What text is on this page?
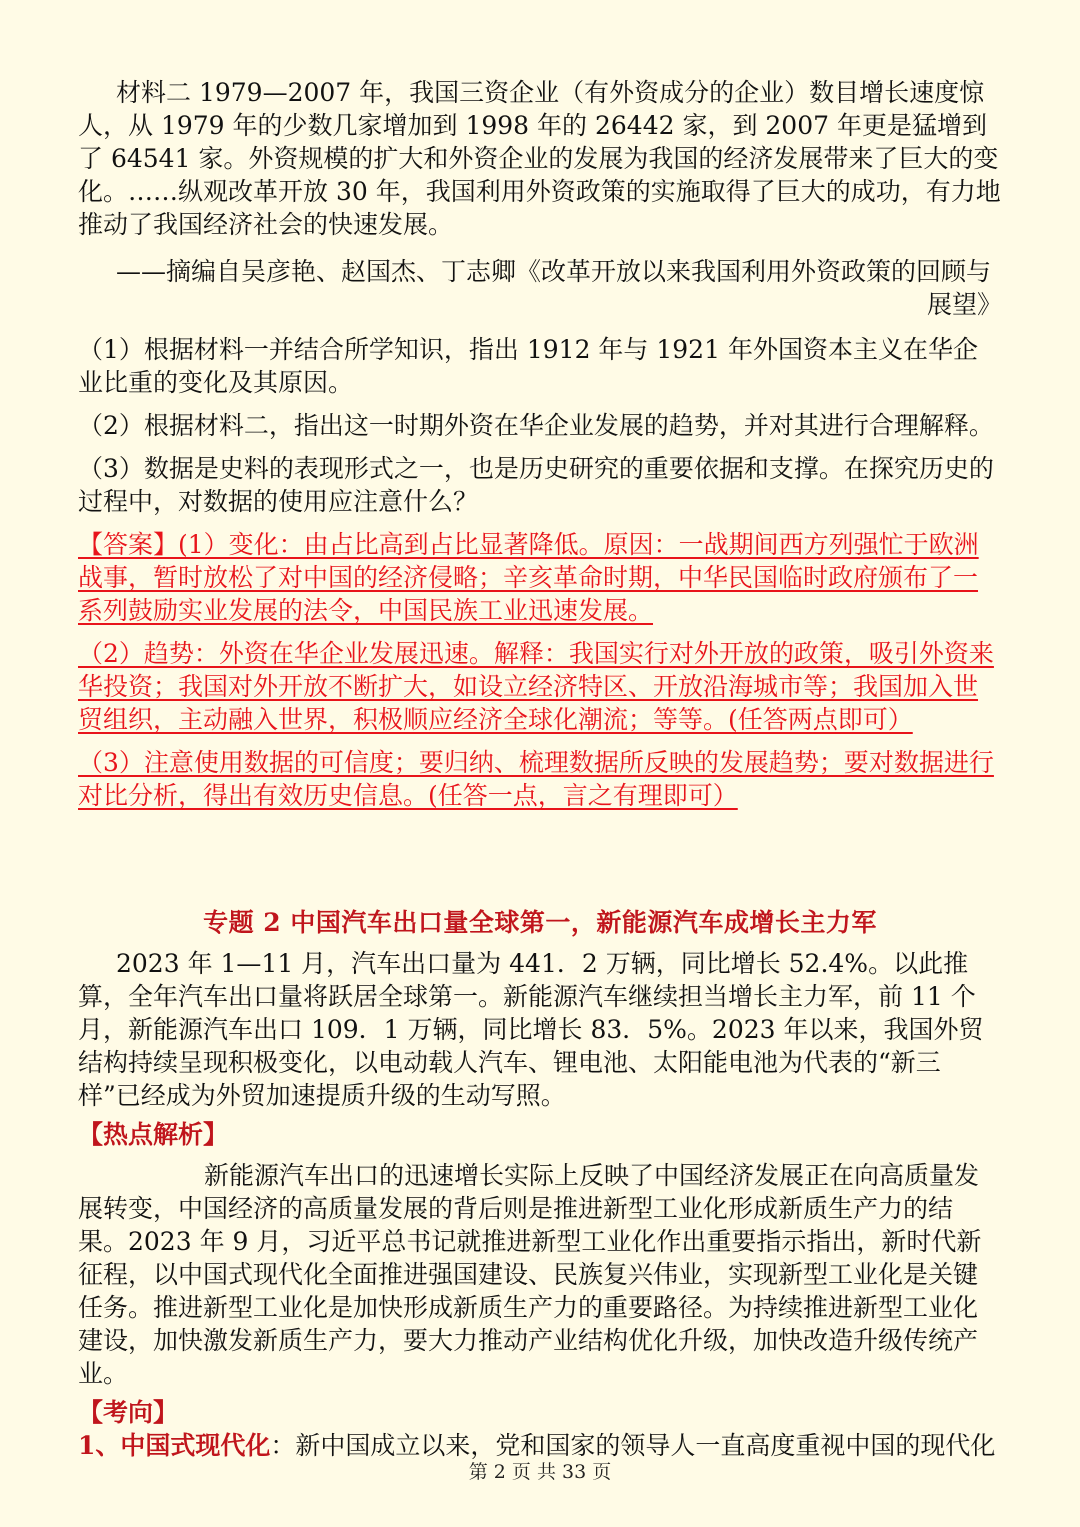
材料二 1979—2007 年，我国三资企业（有外资成分的企业）数目增长速度惊人，从 1979 年的少数几家增加到 1998 年的 26442 家，到 2007 年更是猛增到了 64541 家。外资规模的扩大和外资企业的发展为我国的经济发展带来了巨大的变化。……纵观改革开放 30 年，我国利用外资政策的实施取得了巨大的成功，有力地推动了我国经济社会的快速发展。

——摘编自吴彦艳、赵国杰、丁志卿《改革开放以来我国利用外资政策的回顾与

展望》

（1）根据材料一并结合所学知识，指出 1912 年与 1921 年外国资本主义在华企业比重的变化及其原因。

（2）根据材料二，指出这一时期外资在华企业发展的趋势，并对其进行合理解释。

（3）数据是史料的表现形式之一，也是历史研究的重要依据和支撑。在探究历史的过程中，对数据的使用应注意什么？

【答案】(1）变化：由占比高到占比显著降低。原因：一战期间西方列强忙于欧洲战事，暂时放松了对中国的经济侵略；辛亥革命时期，中华民国临时政府颁布了一系列鼓励实业发展的法令，中国民族工业迅速发展。

（2）趋势：外资在华企业发展迅速。解释：我国实行对外开放的政策，吸引外资来华投资；我国对外开放不断扩大，如设立经济特区、开放沿海城市等；我国加入世贸组织，主动融入世界，积极顺应经济全球化潮流；等等。(任答两点即可）

（3）注意使用数据的可信度；要归纳、梳理数据所反映的发展趋势；要对数据进行对比分析，得出有效历史信息。(任答一点，言之有理即可）

专题 2 中国汽车出口量全球第一，新能源汽车成增长主力军

2023 年 1—11 月，汽车出口量为 441．2 万辆，同比增长 52.4%。以此推算，全年汽车出口量将跃居全球第一。新能源汽车继续担当增长主力军，前 11 个月，新能源汽车出口 109．1 万辆，同比增长 83．5%。2023 年以来，我国外贸结构持续呈现积极变化，以电动载人汽车、锂电池、太阳能电池为代表的“新三样”已经成为外贸加速提质升级的生动写照。

【热点解析】

新能源汽车出口的迅速增长实际上反映了中国经济发展正在向高质量发展转变，中国经济的高质量发展的背后则是推进新型工业化形成新质生产力的结果。2023 年 9 月，习近平总书记就推进新型工业化作出重要指示指出，新时代新征程，以中国式现代化全面推进强国建设、民族复兴伟业，实现新型工业化是关键任务。推进新型工业化是加快形成新质生产力的重要路径。为持续推进新型工业化建设，加快激发新质生产力，要大力推动产业结构优化升级，加快改造升级传统产业。

【考向】

1、中国式现代化：新中国成立以来，党和国家的领导人一直高度重视中国的现代化

第 2 页 共 33 页
